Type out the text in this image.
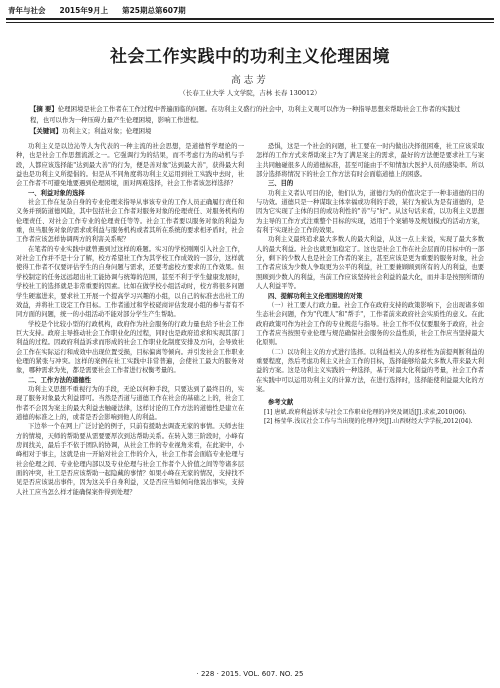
青年与社会 2015年9月上 第25期总第607期
社会工作实践中的功利主义伦理困境
高志芳
（长春工业大学 人文学院，吉林 长春 130012）
【摘 要】伦理困境是社会工作者在工作过程中普遍面临的问题。在功利主义盛行的社会中，功利主义观可以作为一种指导思想来帮助社会工作者的实践过程，也可以作为一种压碍力量产生伦理困境，影响工作进程。
【关键词】功利主义；利益对象；伦理困境

功利主义是以边沁等人为代表的一种主流的社会思想，是道德哲学理论的一种，也是社会工作思想流派之一。它强调行为的结果，而不考虑行为的动机与手段，人都应该选择能"达到最大善"的行为，便是善对象"达到最大善"，获得最大利益也是功利主义所提倡的。但是从不同角度将功利主义运用到社工实践中去时，社会工作者不可避免地要遇到伦理困境，面对两难选择，社会工作者该怎样选择？

一、利益对象的选择

社会工作在复杂自身的专业伦理来指导从事该专业的工作人员正确履行责任和义务并预防道德风险，其中包括社会工作者对服务对象的伦理责任、对服务机构的伦理责任、对社会工作专业的伦理责任等等。社会工作者要以服务对象的利益为重，但当服务对象的需求或利益与服务机构或者其所在系统的要求相矛盾时，社会工作者应该怎样协调两方的利害关系呢？

在笔者的专业实践中就曾遇到过这样的难题。实习的学校刚刚引入社会工作，对社会工作并不是十分了解，校方希望社工作为其学校工作成效的一部分，这样就使得工作者不仅要评估学生的自身问题与需求，还要考虑校方要求的工作效果。但学校制定的任务远远超出社工能协调与统筹的范围，甚至不利于学生健康发展时，学校社工的选择就是非常重要的因素。比如在做学校小组活动时，校方将很多问题学生硬塞进来，要求社工开展一个提高学习兴趣的小组，以自己的标准去出社工的效益，并将社工设定工作目标。工作者通过和学校磋商评估发现小组的参与者有不同方面的问题，统一的小组活动不能对部分学生产生帮助。

学校是个比较小型的行政机构，政府作为社会服务的行政力量也给予社会工作巨大支持。政府主导推动社会工作职业化的过程，同时也是政府追求和实现其部门利益的过程。因政府利益诉求而形成的社会工作职业化制度安排及方向，会导致社会工作在实际运行和成效中出现位置受损，目标偏离等倾向。并引发社会工作职业伦理的紧张与冲突。这样的案例在社工实践中非常普遍，会使社工最大的服务对象，哪种需求为先，都是需要社会工作者进行权衡考量的。

二、工作方法的道德性

功利主义思想不重视行为的手段，无论以何种手段，只要达到了最终目的，实现了服务对象最大利益即可。当然是否道与道德工作在社会的基础之上的，社会工作者不会因为案主的最大利益去触碰法律，这样讨论的工作方法的道德性是建立在道德的标准之上的，或者是否会影响到他人的利益。

下边举一个在网上广泛讨论的例子，只前有援助去调查无家的事情。天师去往方的情境，天师的帮助要从需要要厚次到达帮助关系。在转入第三阶段时，小峰有房间找关，最后手不依于团队的协调，从社会工作的专业视角来看，在此案中，小峰相对于事主，这就是由一开始对社会工作的介入，社会工作者会面临专业伦理与社会伦理之间、专业伦理内部以及专业伦理与社会工作者个人价值之间等等诸多层面的冲突，社工是否应该帮助一起隐藏的事情？如果小峰在无家的情况，支持找不见是否应该说出事件，因为这关乎自身利益，又是否应当如何向他说出事实，支持人社工应当怎么样才能确保案件得到处理？

恐惧，这是一个社会的问题，社工要在一时内做出决择很困难，社工应该采取怎样的工作方式来帮助案主?为了满足案主的需求，最好的方法便是要求社工与案主共同触碰很多人的道德标准，甚至可能由于不知情加大医护人员的感染率。所以部分选择将情况下的社会工作方法有时会面临道德上的困惑。

三、目的

功利主义者认可目的论，他们认为，道德行为的价值决定于一种非道德的目的与功效。道德只是一种谋取主体幸福或功利的手段，某行为被认为是有道德的，是因为它实现了主体的目的或功利性的"善"与"好"。从这句话来看，以功利主义思想为主导的工作方式注重整个目标的实现，适用于个案辅导及规划模式的活动方案，有利于实现社会工作的效果。

功利主义最终追求最大多数人的最大利益，从这一点上来说，实现了最大多数人的最大利益。社会也就更加稳定了。这也是社会工作在社会层面的目标中的一部分，剩下的少数人也是社会工作者的案主，甚至应该是更为重要的服务对象，社会工作者应该为少数人争取更为公平的利益，社工要兼顾顾到所有的人的利益，也要照顾到少数人的利益，当前工作应该坚持社会利益的最大化，而并非是按照所谓的人人利益平等。

四、提解功利主义伦理困境的对策

（一）社工要人行政力量。社会工作在政府支持的政策影响下，会出现诸多如生态社会问题，作为"代理人"和"帮手"，工作者前来政府社会实质性的意义。在此政府政策可作为社会工作的专业规范与指导。社会工作不仅仅要服务于政府，社会工作者应当按照专业伦理与规范确保社会服务的公益性质，社会工作应当坚持最大化原则。

（二）以功利主义的方式进行选择。以利益相关人的多样性为前提判断利益的重要程度，然后考虑功利主义社会工作的目标，选择能够给最大多数人带来最大利益的方案。这是功利主义实践的一种选择，基于对最大化利益的考量，社会工作者在实践中可以运用功利主义的计算方法，在进行选择时，选择能使利益最大化的方案。

参考文献

[1] 唐斌.政府利益诉求与社会工作职业伦理的冲突及调适[J].求索,2010(06).

[2] 杨莹华.浅议社会工作与当出现的伦理冲突[J].山西财经大学学报,2012(04).

· 228 · 2015. VOL. 607. NO. 25
